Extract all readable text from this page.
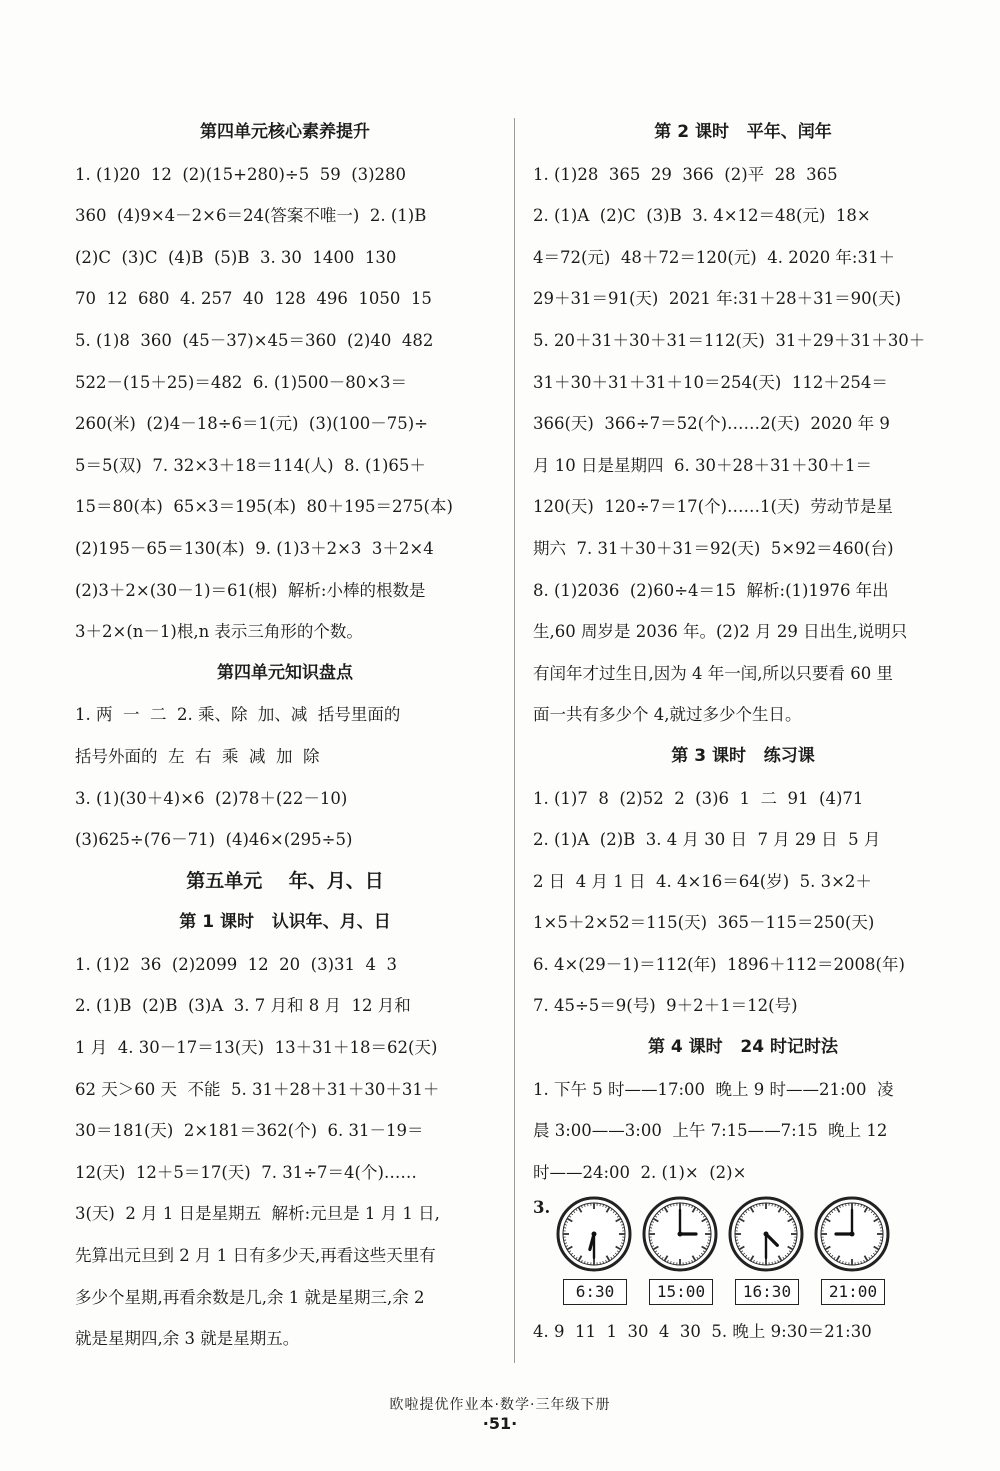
第四单元核心素养提升
1. (1)20  12  (2)(15+280)÷5  59  (3)280
360  (4)9×4－2×6＝24(答案不唯一)  2. (1)B
(2)C  (3)C  (4)B  (5)B  3. 30  1400  130
70  12  680  4. 257  40  128  496  1050  15
5. (1)8  360  (45－37)×45＝360  (2)40  482
522－(15＋25)＝482  6. (1)500－80×3＝
260(米)  (2)4－18÷6＝1(元)  (3)(100－75)÷
5＝5(双)  7. 32×3＋18＝114(人)  8. (1)65＋
15＝80(本)  65×3＝195(本)  80＋195＝275(本)
(2)195－65＝130(本)  9. (1)3＋2×3  3＋2×4
(2)3＋2×(30－1)＝61(根)  解析:小棒的根数是
3＋2×(n－1)根,n 表示三角形的个数。
第四单元知识盘点
1. 两  一  二  2. 乘、除  加、减  括号里面的
括号外面的  左  右  乘  减  加  除
3. (1)(30＋4)×6  (2)78＋(22－10)
(3)625÷(76－71)  (4)46×(295÷5)
第五单元    年、月、日
第 1 课时   认识年、月、日
1. (1)2  36  (2)2099  12  20  (3)31  4  3
2. (1)B  (2)B  (3)A  3. 7 月和 8 月  12 月和
1 月  4. 30－17＝13(天)  13＋31＋18＝62(天)
62 天＞60 天  不能  5. 31＋28＋31＋30＋31＋
30＝181(天)  2×181＝362(个)  6. 31－19＝
12(天)  12＋5＝17(天)  7. 31÷7＝4(个)……
3(天)  2 月 1 日是星期五  解析:元旦是 1 月 1 日,
先算出元旦到 2 月 1 日有多少天,再看这些天里有
多少个星期,再看余数是几,余 1 就是星期三,余 2
就是星期四,余 3 就是星期五。
第 2 课时   平年、闰年
1. (1)28  365  29  366  (2)平  28  365
2. (1)A  (2)C  (3)B  3. 4×12＝48(元)  18×
4＝72(元)  48＋72＝120(元)  4. 2020 年:31＋
29＋31＝91(天)  2021 年:31＋28＋31＝90(天)
5. 20＋31＋30＋31＝112(天)  31＋29＋31＋30＋
31＋30＋31＋31＋10＝254(天)  112＋254＝
366(天)  366÷7＝52(个)……2(天)  2020 年 9
月 10 日是星期四  6. 30＋28＋31＋30＋1＝
120(天)  120÷7＝17(个)……1(天)  劳动节是星
期六  7. 31＋30＋31＝92(天)  5×92＝460(台)
8. (1)2036  (2)60÷4＝15  解析:(1)1976 年出
生,60 周岁是 2036 年。(2)2 月 29 日出生,说明只
有闰年才过生日,因为 4 年一闰,所以只要看 60 里
面一共有多少个 4,就过多少个生日。
第 3 课时   练习课
1. (1)7  8  (2)52  2  (3)6  1  二  91  (4)71
2. (1)A  (2)B  3. 4 月 30 日  7 月 29 日  5 月
2 日  4 月 1 日  4. 4×16＝64(岁)  5. 3×2＋
1×5＋2×52＝115(天)  365－115＝250(天)
6. 4×(29－1)＝112(年)  1896＋112＝2008(年)
7. 45÷5＝9(号)  9＋2＋1＝12(号)
第 4 课时   24 时记时法
1. 下午 5 时——17:00  晚上 9 时——21:00  凌
晨 3:00——3:00  上午 7:15——7:15  晚上 12
时——24:00  2. (1)×  (2)×
3.
6:30	15:00	16:30	21:00
4. 9  11  1  30  4  30  5. 晚上 9:30＝21:30
欧啦提优作业本·数学·三年级下册
·51·
